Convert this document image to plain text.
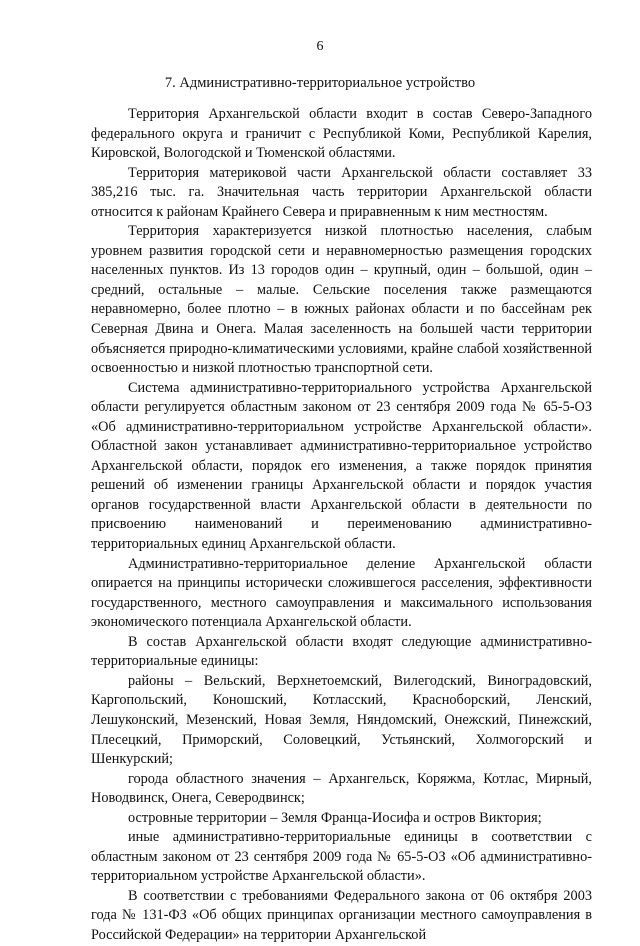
6
7. Административно-территориальное устройство

Территория Архангельской области входит в состав Северо-Западного федерального округа и граничит с Республикой Коми, Республикой Карелия, Кировской, Вологодской и Тюменской областями.

Территория материковой части Архангельской области составляет 33 385,216 тыс. га. Значительная часть территории Архангельской области относится к районам Крайнего Севера и приравненным к ним местностям.

Территория характеризуется низкой плотностью населения, слабым уровнем развития городской сети и неравномерностью размещения городских населенных пунктов. Из 13 городов один – крупный, один – большой, один – средний, остальные – малые. Сельские поселения также размещаются неравномерно, более плотно – в южных районах области и по бассейнам рек Северная Двина и Онега. Малая заселенность на большей части территории объясняется природно-климатическими условиями, крайне слабой хозяйственной освоенностью и низкой плотностью транспортной сети.

Система административно-территориального устройства Архангельской области регулируется областным законом от 23 сентября 2009 года № 65-5-ОЗ «Об административно-территориальном устройстве Архангельской области». Областной закон устанавливает административно-территориальное устройство Архангельской области, порядок его изменения, а также порядок принятия решений об изменении границы Архангельской области и порядок участия органов государственной власти Архангельской области в деятельности по присвоению наименований и переименованию административно-территориальных единиц Архангельской области.

Административно-территориальное деление Архангельской области опирается на принципы исторически сложившегося расселения, эффективности государственного, местного самоуправления и максимального использования экономического потенциала Архангельской области.

В состав Архангельской области входят следующие административно-территориальные единицы:

районы – Вельский, Верхнетоемский, Вилегодский, Виноградовский, Каргопольский, Коношский, Котласский, Красноборский, Ленский, Лешуконский, Мезенский, Новая Земля, Няндомский, Онежский, Пинежский, Плесецкий, Приморский, Соловецкий, Устьянский, Холмогорский и Шенкурский;

города областного значения – Архангельск, Коряжма, Котлас, Мирный, Новодвинск, Онега, Северодвинск;

островные территории – Земля Франца-Иосифа и остров Виктория;

иные административно-территориальные единицы в соответствии с областным законом от 23 сентября 2009 года № 65-5-ОЗ «Об административно-территориальном устройстве Архангельской области».

В соответствии с требованиями Федерального закона от 06 октября 2003 года № 131-ФЗ «Об общих принципах организации местного самоуправления в Российской Федерации» на территории Архангельской
